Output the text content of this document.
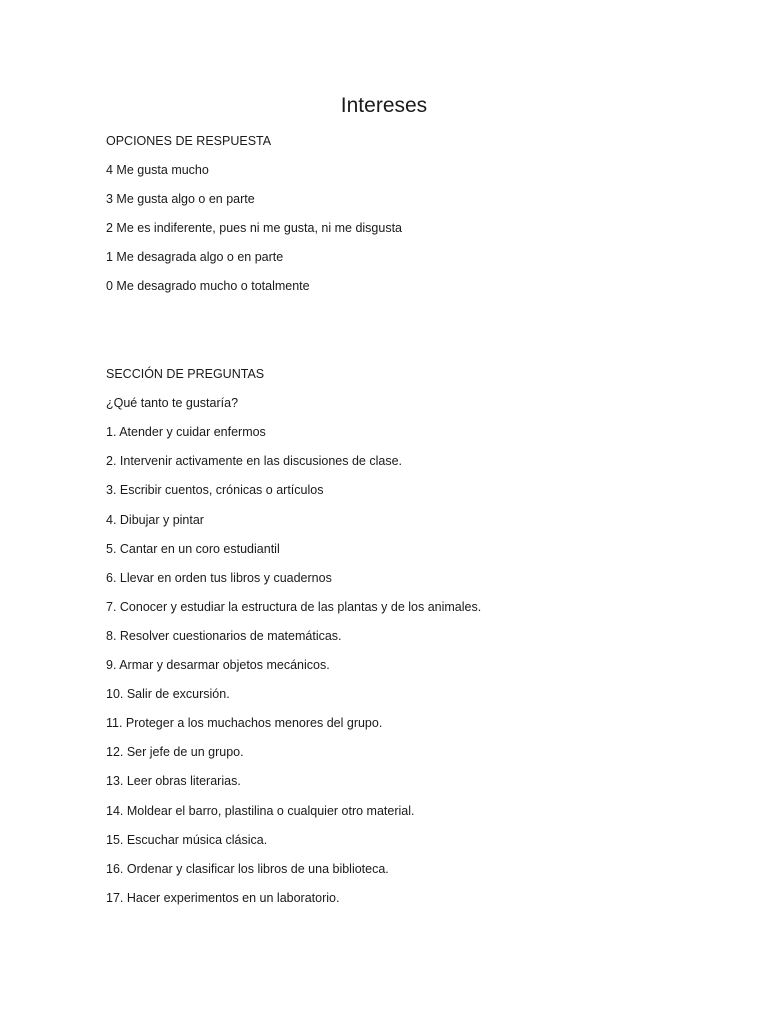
Intereses

OPCIONES DE RESPUESTA

4 Me gusta mucho

3 Me gusta algo o en parte

2 Me es indiferente, pues ni me gusta, ni me disgusta

1 Me desagrada algo o en parte

0 Me desagrado mucho o totalmente

SECCIÓN DE PREGUNTAS

¿Qué tanto te gustaría?

1. Atender y cuidar enfermos

2. Intervenir activamente en las discusiones de clase.

3. Escribir cuentos, crónicas o artículos

4. Dibujar y pintar

5. Cantar en un coro estudiantil

6. Llevar en orden tus libros y cuadernos

7. Conocer y estudiar la estructura de las plantas y de los animales.

8. Resolver cuestionarios de matemáticas.

9. Armar y desarmar objetos mecánicos.

10. Salir de excursión.

11. Proteger a los muchachos menores del grupo.

12. Ser jefe de un grupo.

13. Leer obras literarias.

14. Moldear el barro, plastilina o cualquier otro material.

15. Escuchar música clásica.

16. Ordenar y clasificar los libros de una biblioteca.

17. Hacer experimentos en un laboratorio.
